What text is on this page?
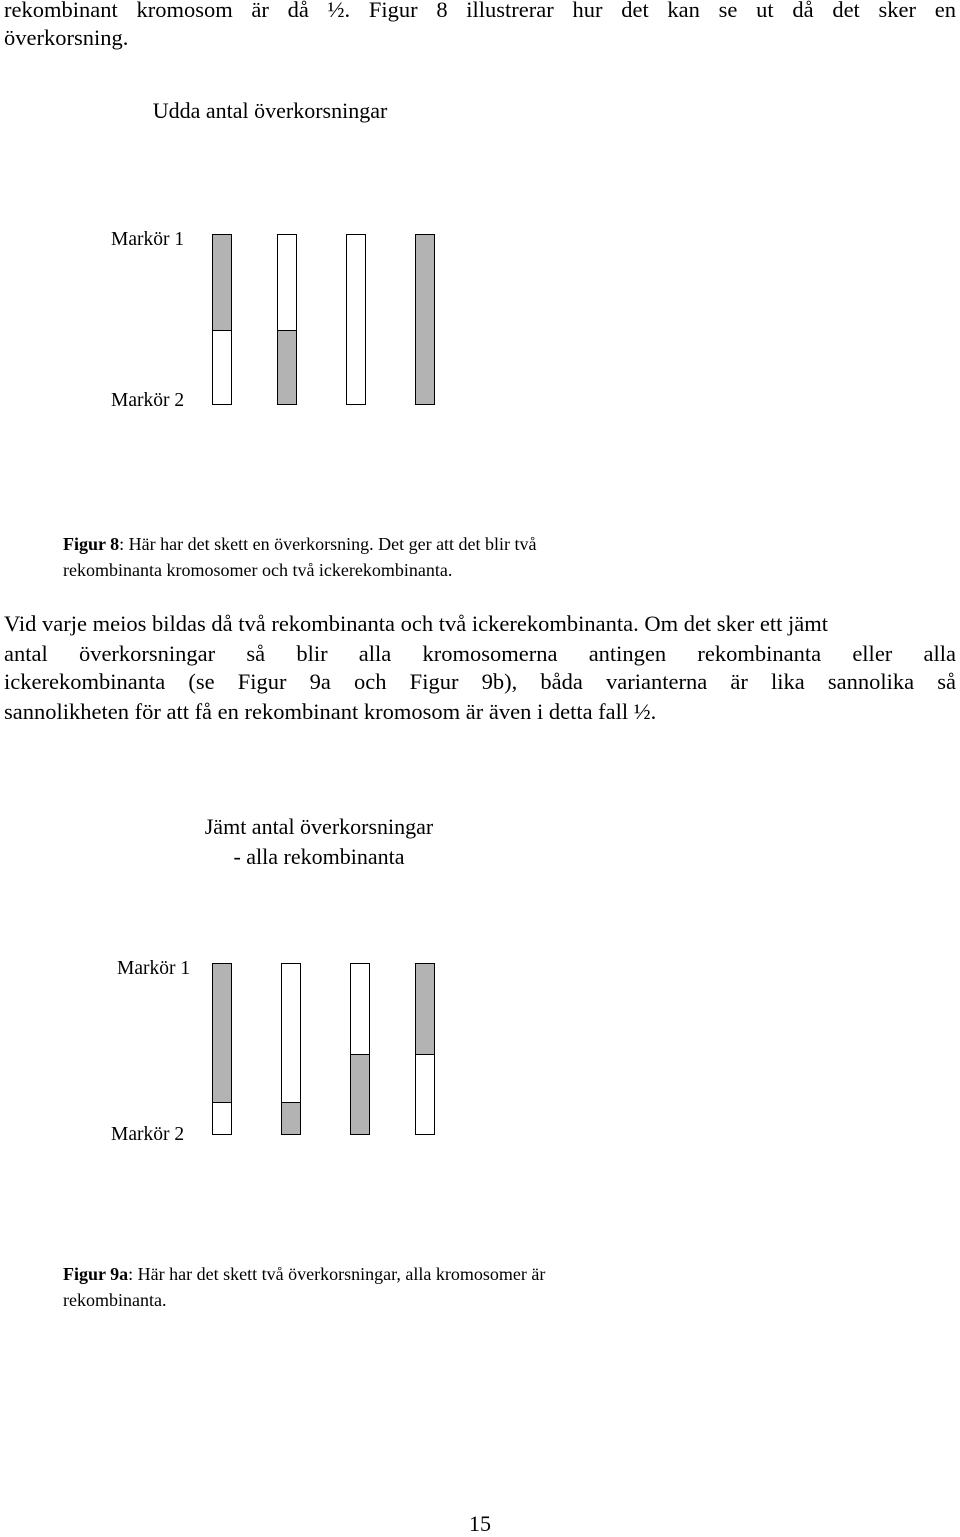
rekombinant kromosom är då ½. Figur 8 illustrerar hur det kan se ut då det sker en
överkorsning.
Udda antal överkorsningar
Markör 1
Markör 2
Figur 8: Här har det skett en överkorsning. Det ger att det blir två
rekombinanta kromosomer och två ickerekombinanta.
Vid varje meios bildas då två rekombinanta och två ickerekombinanta. Om det sker ett jämt
antal överkorsningar så blir alla kromosomerna antingen rekombinanta eller alla
ickerekombinanta (se Figur 9a och Figur 9b), båda varianterna är lika sannolika så
sannolikheten för att få en rekombinant kromosom är även i detta fall ½.
Jämt antal överkorsningar
- alla rekombinanta
Markör 1
Markör 2
Figur 9a: Här har det skett två överkorsningar, alla kromosomer är
rekombinanta.
15
